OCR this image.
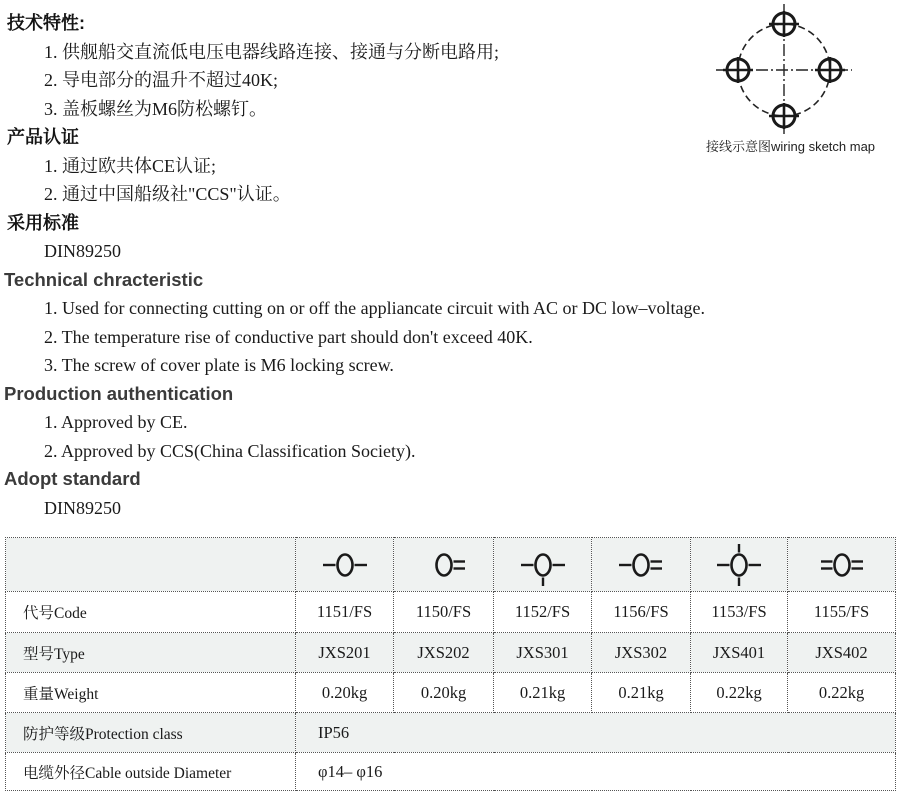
技术特性:
1. 供舰船交直流低电压电器线路连接、接通与分断电路用;
2. 导电部分的温升不超过40K;
3. 盖板螺丝为M6防松螺钉。
产品认证
1. 通过欧共体CE认证;
2. 通过中国船级社"CCS"认证。
采用标准
DIN89250
Technical chracteristic
1. Used for connecting cutting on or off the appliancate circuit with AC or DC low–voltage.
2. The temperature rise of conductive part should don't exceed 40K.
3. The screw of cover plate is M6 locking screw.
Production authentication
1. Approved by CE.
2. Approved by CCS(China Classification Society).
Adopt standard
DIN89250
接线示意图wiring sketch map

代号Code	1151/FS	1150/FS	1152/FS	1156/FS	1153/FS	1155/FS
型号Type	JXS201	JXS202	JXS301	JXS302	JXS401	JXS402
重量Weight	0.20kg	0.20kg	0.21kg	0.21kg	0.22kg	0.22kg
防护等级Protection class	IP56					
电缆外径Cable outside Diameter	φ14– φ16					
